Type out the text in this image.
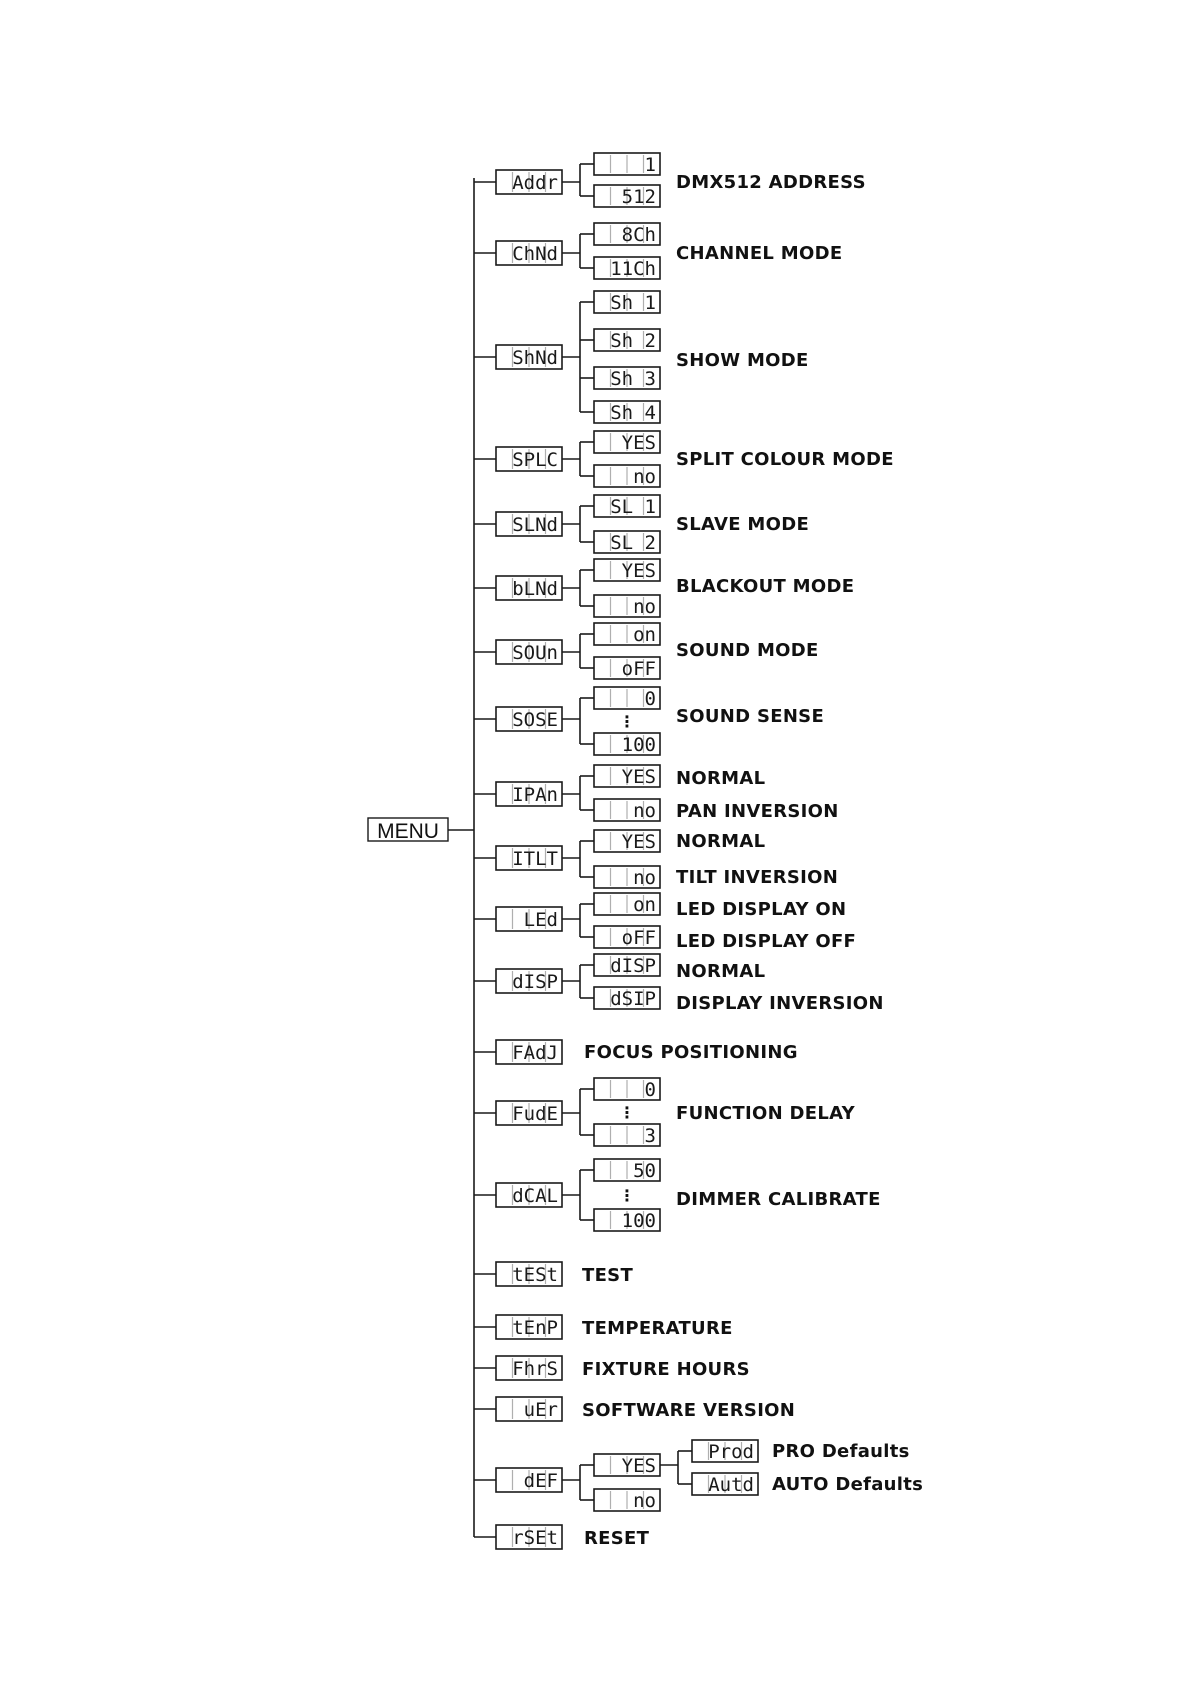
MENU
Addr
1
512
DMX512 ADDRESS
ChNd
8Ch
11Ch
CHANNEL MODE
ShNd
Sh 1
Sh 2
Sh 3
Sh 4
SHOW MODE
SPLC
YES
no
SPLIT COLOUR MODE
SLNd
SL 1
SL 2
SLAVE MODE
bLNd
YES
no
BLACKOUT MODE
SOUn
on
oFF
SOUND MODE
SOSE
0
100
⋮ SOUND SENSE
IPAn
YES
no
NORMAL
PAN INVERSION
ITLT
YES
no
NORMAL
TILT INVERSION
LEd
on
oFF
LED DISPLAY ON
LED DISPLAY OFF
dISP
dISP
dSIP
NORMAL
DISPLAY INVERSION
FAdJ FOCUS POSITIONING
FudE
0
3
⋮ FUNCTION DELAY
dCAL
50
100
⋮ DIMMER CALIBRATE
tESt TEST
tEnP TEMPERATURE
FhrS FIXTURE HOURS
uEr SOFTWARE VERSION
dEF
YES
no
Prod PRO Defaults
Autd AUTO Defaults
rSEt RESET
